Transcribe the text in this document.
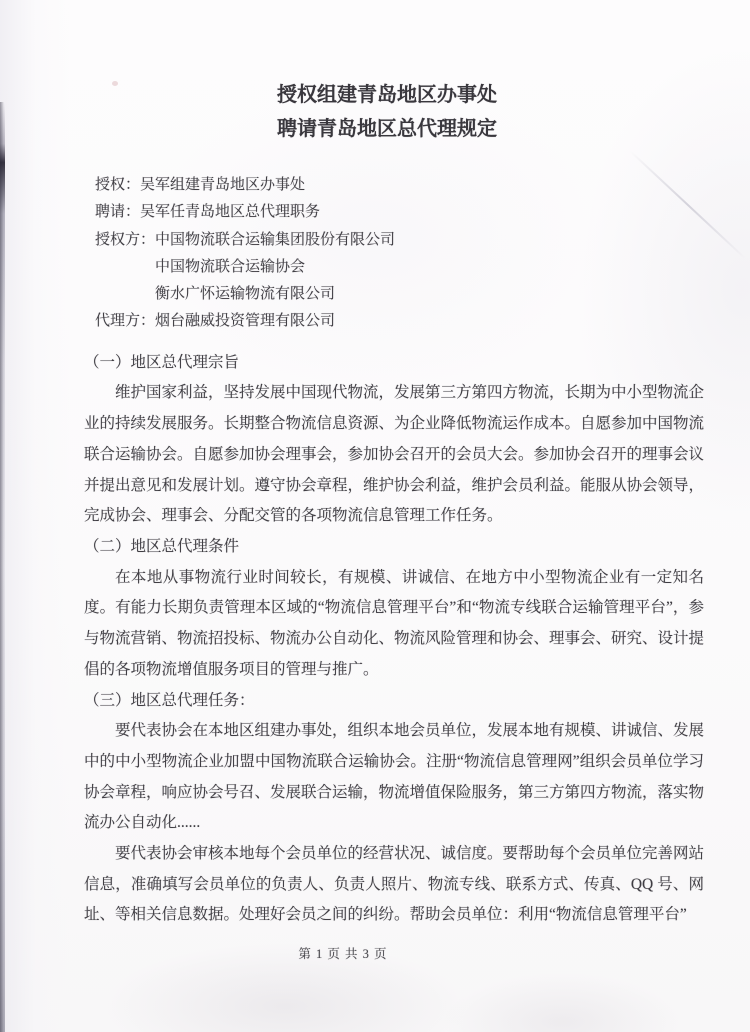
授权组建青岛地区办事处
聘请青岛地区总代理规定
授权：吴军组建青岛地区办事处
聘请：吴军任青岛地区总代理职务
授权方：中国物流联合运输集团股份有限公司
中国物流联合运输协会
衡水广怀运输物流有限公司
代理方：烟台融威投资管理有限公司
（一）地区总代理宗旨

维护国家利益，坚持发展中国现代物流，发展第三方第四方物流，长期为中小型物流企业的持续发展服务。长期整合物流信息资源、为企业降低物流运作成本。自愿参加中国物流联合运输协会。自愿参加协会理事会，参加协会召开的会员大会。参加协会召开的理事会议并提出意见和发展计划。遵守协会章程，维护协会利益，维护会员利益。能服从协会领导，完成协会、理事会、分配交管的各项物流信息管理工作任务。

（二）地区总代理条件

在本地从事物流行业时间较长，有规模、讲诚信、在地方中小型物流企业有一定知名度。有能力长期负责管理本区域的“物流信息管理平台”和“物流专线联合运输管理平台”，参与物流营销、物流招投标、物流办公自动化、物流风险管理和协会、理事会、研究、设计提倡的各项物流增值服务项目的管理与推广。

（三）地区总代理任务：

要代表协会在本地区组建办事处，组织本地会员单位，发展本地有规模、讲诚信、发展中的中小型物流企业加盟中国物流联合运输协会。注册“物流信息管理网”组织会员单位学习协会章程，响应协会号召、发展联合运输，物流增值保险服务，第三方第四方物流，落实物流办公自动化......

要代表协会审核本地每个会员单位的经营状况、诚信度。要帮助每个会员单位完善网站信息，准确填写会员单位的负责人、负责人照片、物流专线、联系方式、传真、QQ 号、网址、等相关信息数据。处理好会员之间的纠纷。帮助会员单位：利用“物流信息管理平台”

第 1 页 共 3 页
